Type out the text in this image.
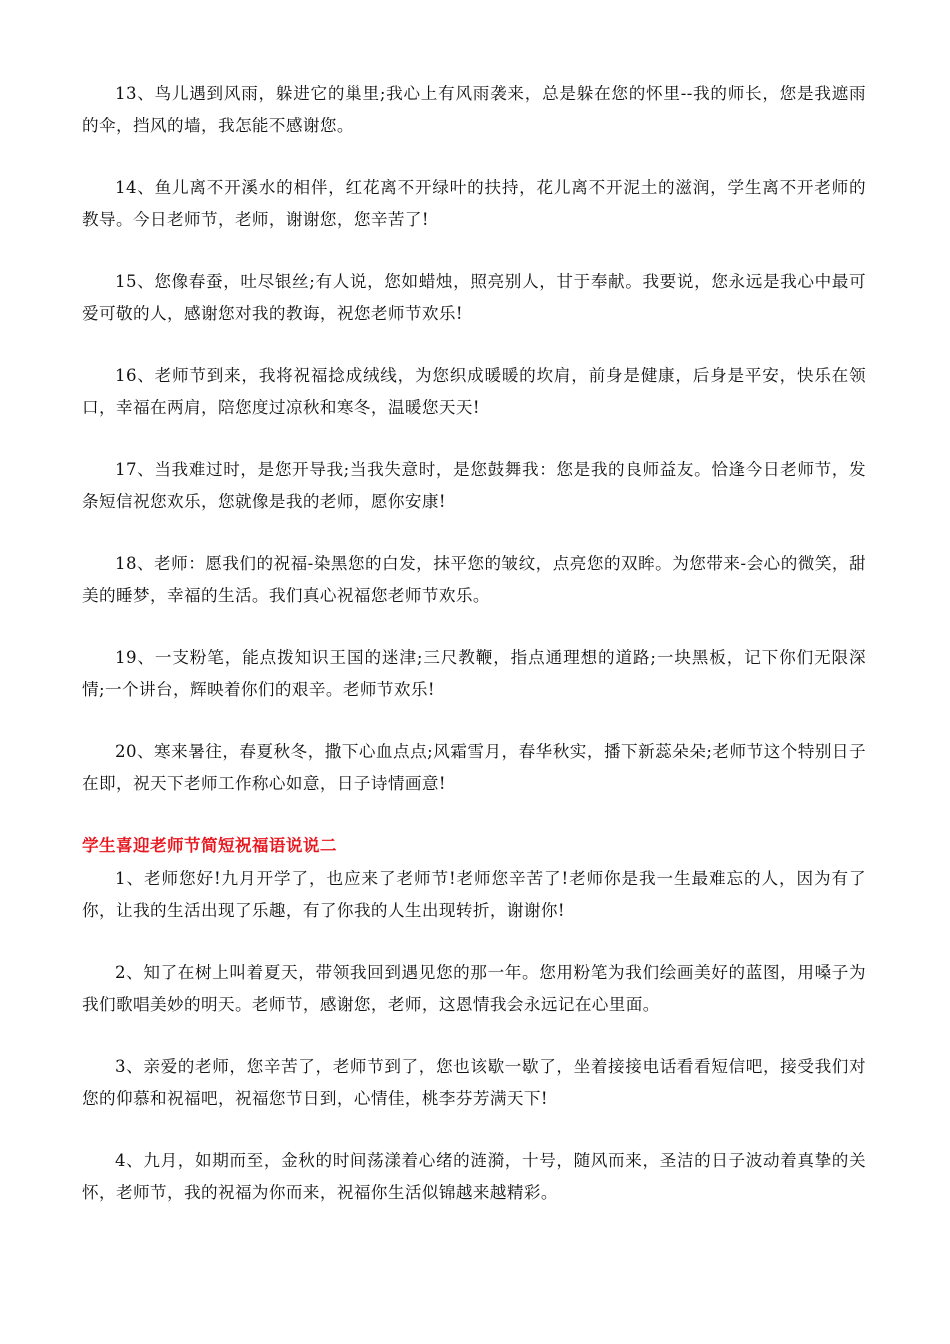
13、鸟儿遇到风雨，躲进它的巢里;我心上有风雨袭来，总是躲在您的怀里--我的师长，您是我遮雨的伞，挡风的墙，我怎能不感谢您。

14、鱼儿离不开溪水的相伴，红花离不开绿叶的扶持，花儿离不开泥土的滋润，学生离不开老师的教导。今日老师节，老师，谢谢您，您辛苦了!

15、您像春蚕，吐尽银丝;有人说，您如蜡烛，照亮别人，甘于奉献。我要说，您永远是我心中最可爱可敬的人，感谢您对我的教诲，祝您老师节欢乐!

16、老师节到来，我将祝福捻成绒线，为您织成暖暖的坎肩，前身是健康，后身是平安，快乐在领口，幸福在两肩，陪您度过凉秋和寒冬，温暖您天天!

17、当我难过时，是您开导我;当我失意时，是您鼓舞我：您是我的良师益友。恰逢今日老师节，发条短信祝您欢乐，您就像是我的老师，愿你安康!

18、老师：愿我们的祝福-染黑您的白发，抹平您的皱纹，点亮您的双眸。为您带来-会心的微笑，甜美的睡梦，幸福的生活。我们真心祝福您老师节欢乐。

19、一支粉笔，能点拨知识王国的迷津;三尺教鞭，指点通理想的道路;一块黑板，记下你们无限深情;一个讲台，辉映着你们的艰辛。老师节欢乐!

20、寒来暑往，春夏秋冬，撒下心血点点;风霜雪月，春华秋实，播下新蕊朵朵;老师节这个特别日子在即，祝天下老师工作称心如意，日子诗情画意!

学生喜迎老师节简短祝福语说说二

1、老师您好!九月开学了，也应来了老师节!老师您辛苦了!老师你是我一生最难忘的人，因为有了你，让我的生活出现了乐趣，有了你我的人生出现转折，谢谢你!

2、知了在树上叫着夏天，带领我回到遇见您的那一年。您用粉笔为我们绘画美好的蓝图，用嗓子为我们歌唱美妙的明天。老师节，感谢您，老师，这恩情我会永远记在心里面。

3、亲爱的老师，您辛苦了，老师节到了，您也该歇一歇了，坐着接接电话看看短信吧，接受我们对您的仰慕和祝福吧，祝福您节日到，心情佳，桃李芬芳满天下!

4、九月，如期而至，金秋的时间荡漾着心绪的涟漪，十号，随风而来，圣洁的日子波动着真挚的关怀，老师节，我的祝福为你而来，祝福你生活似锦越来越精彩。
